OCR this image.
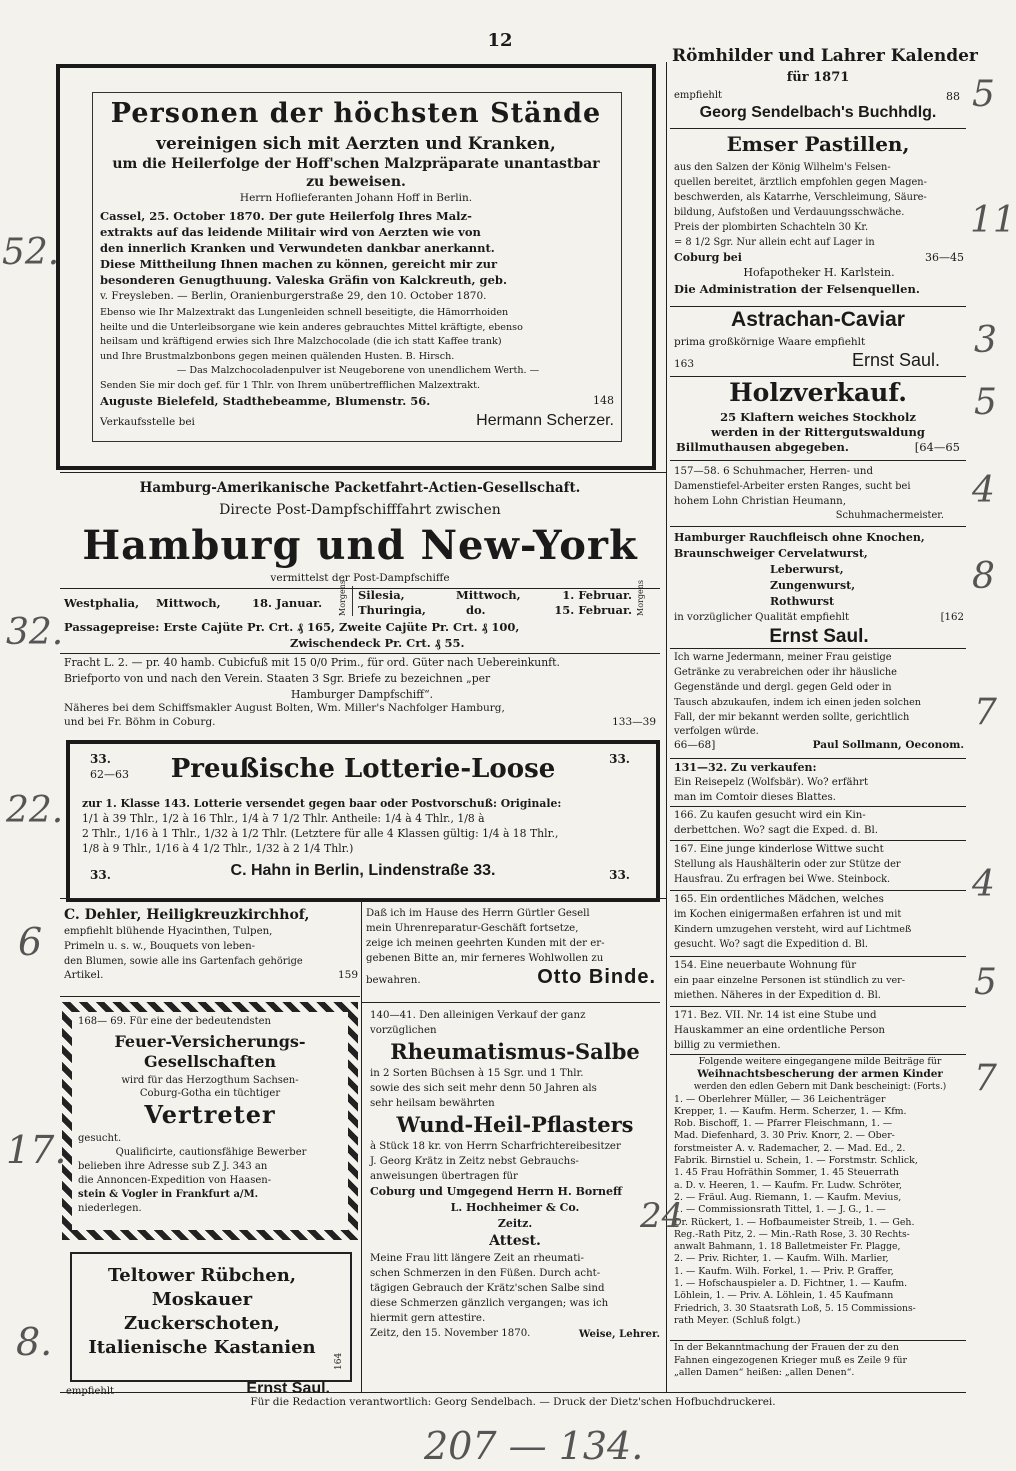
12
Personen der höchsten Stände
vereinigen sich mit Aerzten und Kranken,
um die Heilerfolge der Hoff'schen Malzpräparate unantastbar
zu beweisen.
Herrn Hoflieferanten Johann Hoff in Berlin.
Cassel, 25. October 1870. Der gute Heilerfolg Ihres Malz-
extrakts auf das leidende Militair wird von Aerzten wie von
den innerlich Kranken und Verwundeten dankbar anerkannt.
Diese Mittheilung Ihnen machen zu können, gereicht mir zur
besonderen Genugthuung. Valeska Gräfin von Kalckreuth, geb.
v. Freysleben. — Berlin, Oranienburgerstraße 29, den 10. October 1870.
Ebenso wie Ihr Malzextrakt das Lungenleiden schnell beseitigte, die Hämorrhoiden
heilte und die Unterleibsorgane wie kein anderes gebrauchtes Mittel kräftigte, ebenso
heilsam und kräftigend erwies sich Ihre Malzchocolade (die ich statt Kaffee trank)
und Ihre Brustmalzbonbons gegen meinen quälenden Husten. B. Hirsch.
— Das Malzchocoladenpulver ist Neugeborene von unendlichem Werth. —
Senden Sie mir doch gef. für 1 Thlr. von Ihrem unübertrefflichen Malzextrakt.
Auguste Bielefeld, Stadthebeamme, Blumenstr. 56.	148
Verkaufsstelle bei	Hermann Scherzer.
Hamburg-Amerikanische Packetfahrt-Actien-Gesellschaft.
Directe Post-Dampfschifffahrt zwischen
Hamburg und New-York
vermittelst der Post-Dampfschiffe
Westphalia,	Mittwoch,	18. Januar.	Morgens Silesia,	Mittwoch,	1. Februar.
Thuringia,	do.	15. Februar. Morgens
Passagepreise: Erste Cajüte Pr. Crt. ₰ 165, Zweite Cajüte Pr. Crt. ₰ 100,
Zwischendeck Pr. Crt. ₰ 55.
Fracht L. 2. — pr. 40 hamb. Cubicfuß mit 15 0/0 Prim., für ord. Güter nach Uebereinkunft.
Briefporto von und nach den Verein. Staaten 3 Sgr. Briefe zu bezeichnen „per
Hamburger Dampfschiff“.
Näheres bei dem Schiffsmakler August Bolten, Wm. Miller's Nachfolger Hamburg,
und bei Fr. Böhm in Coburg.	133—39
33.
62—63
33.
Preußische Lotterie-Loose
zur 1. Klasse 143. Lotterie versendet gegen baar oder Postvorschuß: Originale:
1/1 à 39 Thlr., 1/2 à 16 Thlr., 1/4 à 7 1/2 Thlr. Antheile: 1/4 à 4 Thlr., 1/8 à
2 Thlr., 1/16 à 1 Thlr., 1/32 à 1/2 Thlr. (Letztere für alle 4 Klassen gültig: 1/4 à 18 Thlr.,
1/8 à 9 Thlr., 1/16 à 4 1/2 Thlr., 1/32 à 2 1/4 Thlr.)
33.	C. Hahn in Berlin, Lindenstraße 33.	33.
C. Dehler, Heiligkreuzkirchhof,
empfiehlt blühende Hyacinthen, Tulpen,
Primeln u. s. w., Bouquets von leben-
den Blumen, sowie alle ins Gartenfach gehörige
Artikel.	159
168— 69. Für eine der bedeutendsten
Feuer-Versicherungs-
Gesellschaften
wird für das Herzogthum Sachsen-
Coburg-Gotha ein tüchtiger
Vertreter
gesucht.
Qualificirte, cautionsfähige Bewerber
belieben ihre Adresse sub Z J. 343 an
die Annoncen-Expedition von Haasen-
stein & Vogler in Frankfurt a/M.
niederlegen.
Teltower Rübchen,
Moskauer Zuckerschoten,
Italienische Kastanien
164
empfiehlt	Ernst Saul.
Daß ich im Hause des Herrn Gürtler Gesell
mein Uhrenreparatur-Geschäft fortsetze,
zeige ich meinen geehrten Kunden mit der er-
gebenen Bitte an, mir ferneres Wohlwollen zu
bewahren.	Otto Binde.
140—41. Den alleinigen Verkauf der ganz
vorzüglichen
Rheumatismus-Salbe
in 2 Sorten Büchsen à 15 Sgr. und 1 Thlr.
sowie des sich seit mehr denn 50 Jahren als
sehr heilsam bewährten
Wund-Heil-Pflasters
à Stück 18 kr. von Herrn Scharfrichtereibesitzer
J. Georg Krätz in Zeitz nebst Gebrauchs-
anweisungen übertragen für
Coburg und Umgegend Herrn H. Borneff
L. Hochheimer & Co.
Zeitz.
Attest.
Meine Frau litt längere Zeit an rheumati-
schen Schmerzen in den Füßen. Durch acht-
tägigen Gebrauch der Krätz'schen Salbe sind
diese Schmerzen gänzlich vergangen; was ich
hiermit gern attestire.
Zeitz, den 15. November 1870.	Weise, Lehrer.
Römhilder und Lahrer Kalender
für 1871
empfiehlt	88
Georg Sendelbach's Buchhdlg.
Emser Pastillen,
aus den Salzen der König Wilhelm's Felsen-
quellen bereitet, ärztlich empfohlen gegen Magen-
beschwerden, als Katarrhe, Verschleimung, Säure-
bildung, Aufstoßen und Verdauungsschwäche.
Preis der plombirten Schachteln 30 Kr.
= 8 1/2 Sgr. Nur allein echt auf Lager in
Coburg bei	36—45
Hofapotheker H. Karlstein.
Die Administration der Felsenquellen.
Astrachan-Caviar
prima großkörnige Waare empfiehlt
163	Ernst Saul.
Holzverkauf.
25 Klaftern weiches Stockholz
werden in der Rittergutswaldung
Billmuthausen abgegeben.	[64—65
157—58. 6 Schuhmacher, Herren- und
Damenstiefel-Arbeiter ersten Ranges, sucht bei
hohem Lohn Christian Heumann,
Schuhmachermeister.
Hamburger Rauchfleisch ohne Knochen,
Braunschweiger Cervelatwurst,
Leberwurst,
Zungenwurst,
Rothwurst
in vorzüglicher Qualität empfiehlt	[162
Ernst Saul.
Ich warne Jedermann, meiner Frau geistige
Getränke zu verabreichen oder ihr häusliche
Gegenstände und dergl. gegen Geld oder in
Tausch abzukaufen, indem ich einen jeden solchen
Fall, der mir bekannt werden sollte, gerichtlich
verfolgen würde.
66—68]	Paul Sollmann, Oeconom.
131—32. Zu verkaufen:
Ein Reisepelz (Wolfsbär). Wo? erfährt
man im Comtoir dieses Blattes.
166. Zu kaufen gesucht wird ein Kin-
derbettchen. Wo? sagt die Exped. d. Bl.
167. Eine junge kinderlose Wittwe sucht
Stellung als Haushälterin oder zur Stütze der
Hausfrau. Zu erfragen bei Wwe. Steinbock.
165. Ein ordentliches Mädchen, welches
im Kochen einigermaßen erfahren ist und mit
Kindern umzugehen versteht, wird auf Lichtmeß
gesucht. Wo? sagt die Expedition d. Bl.
154. Eine neuerbaute Wohnung für
ein paar einzelne Personen ist stündlich zu ver-
miethen. Näheres in der Expedition d. Bl.
171. Bez. VII. Nr. 14 ist eine Stube und
Hauskammer an eine ordentliche Person
billig zu vermiethen.
Folgende weitere eingegangene milde Beiträge für
Weihnachtsbescherung der armen Kinder
werden den edlen Gebern mit Dank bescheinigt: (Forts.)
1. — Oberlehrer Müller, — 36 Leichenträger
Krepper, 1. — Kaufm. Herm. Scherzer, 1. — Kfm.
Rob. Bischoff, 1. — Pfarrer Fleischmann, 1. —
Mad. Diefenhard, 3. 30 Priv. Knorr, 2. — Ober-
forstmeister A. v. Rademacher, 2. — Mad. Ed., 2.
Fabrik. Birnstiel u. Schein, 1. — Forstmstr. Schlick,
1. 45 Frau Hofräthin Sommer, 1. 45 Steuerrath
a. D. v. Heeren, 1. — Kaufm. Fr. Ludw. Schröter,
2. — Fräul. Aug. Riemann, 1. — Kaufm. Mevius,
1. — Commissionsrath Tittel, 1. — J. G., 1. —
Dr. Rückert, 1. — Hofbaumeister Streib, 1. — Geh.
Reg.-Rath Pitz, 2. — Min.-Rath Rose, 3. 30 Rechts-
anwalt Bahmann, 1. 18 Balletmeister Fr. Plagge,
2. — Priv. Richter, 1. — Kaufm. Wilh. Marlier,
1. — Kaufm. Wilh. Forkel, 1. — Priv. P. Graffer,
1. — Hofschauspieler a. D. Fichtner, 1. — Kaufm.
Löhlein, 1. — Priv. A. Löhlein, 1. 45 Kaufmann
Friedrich, 3. 30 Staatsrath Loß, 5. 15 Commissions-
rath Meyer. (Schluß folgt.)
In der Bekanntmachung der Frauen der zu den
Fahnen eingezogenen Krieger muß es Zeile 9 für
„allen Damen“ heißen: „allen Denen“.
Für die Redaction verantwortlich: Georg Sendelbach. — Druck der Dietz'schen Hofbuchdruckerei.
52.
32.
22.
6
17.
8.
5
11
3
5
4
8
7
4
5
7
24
207 — 134.
